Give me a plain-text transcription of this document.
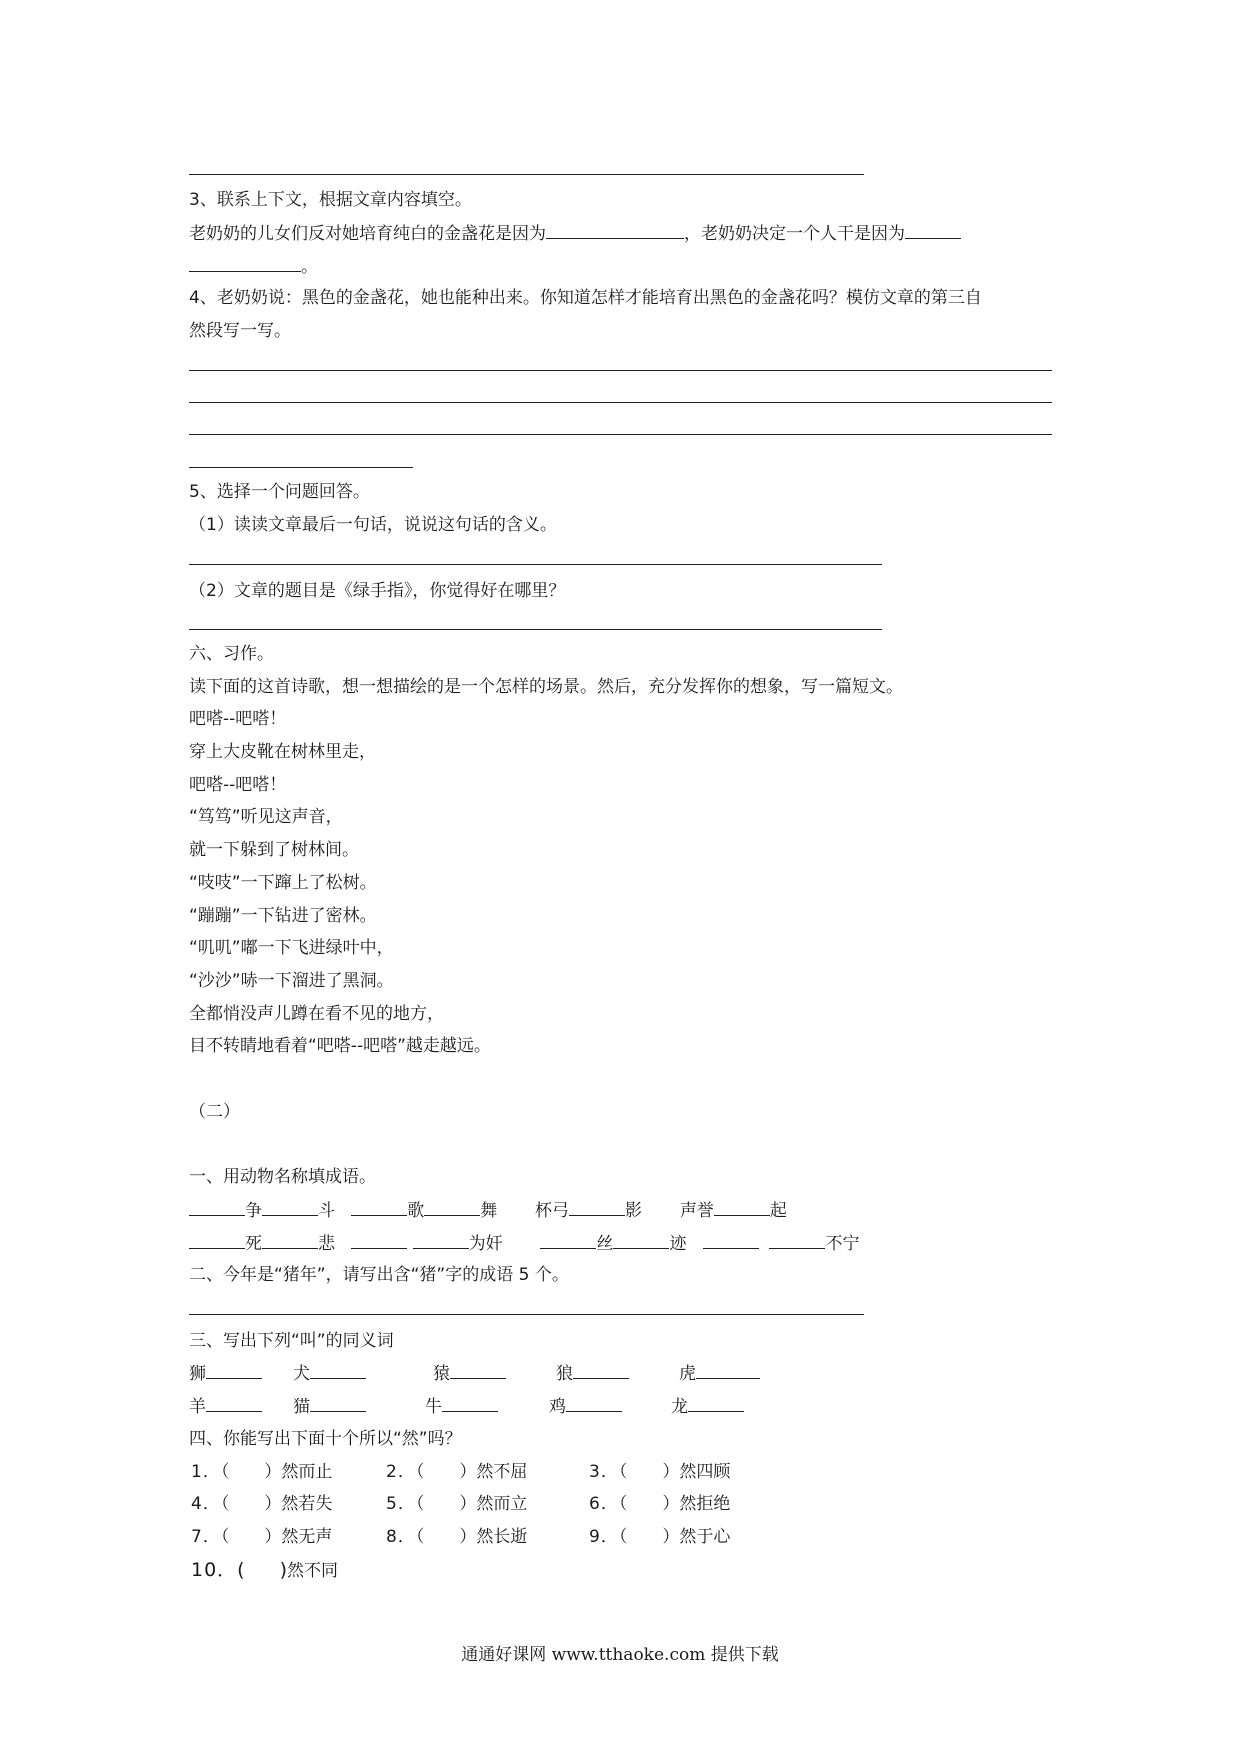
3、联系上下文，根据文章内容填空。
老奶奶的儿女们反对她培育纯白的金盏花是因为	，老奶奶决定一个人干是因为
。
4、老奶奶说：黑色的金盏花，她也能种出来。你知道怎样才能培育出黑色的金盏花吗？模仿文章的第三自
然段写一写。
5、选择一个问题回答。
（1）读读文章最后一句话，说说这句话的含义。
（2）文章的题目是《绿手指》，你觉得好在哪里？
六、习作。
读下面的这首诗歌，想一想描绘的是一个怎样的场景。然后，充分发挥你的想象，写一篇短文。
吧嗒--吧嗒！
穿上大皮靴在树林里走，
吧嗒--吧嗒！
“笃笃”听见这声音，
就一下躲到了树林间。
“吱吱”一下蹿上了松树。
“蹦蹦”一下钻进了密林。
“叽叽”嘟一下飞进绿叶中，
“沙沙”哧一下溜进了黑洞。
全都悄没声儿蹲在看不见的地方，
目不转睛地看着“吧嗒--吧嗒”越走越远。
（二）
一、用动物名称填成语。
争	斗	歌	舞 杯弓	影 声誉	起
死	悲	为奸	丝	迹	不宁
二、今年是“猪年”，请写出含“猪”字的成语 5 个。
三、写出下列“叫”的同义词
狮	犬	猿	狼	虎
羊	猫	牛	鸡	龙
四、你能写出下面十个所以“然”吗？
1．（ ）然而止	2．（ ）然不屈	3．（ ）然四顾
4．（ ）然若失	5．（ ）然而立	6．（ ）然拒绝
7．（ ）然无声	8．（ ）然长逝	9．（ ）然于心
10．( )然不同
通通好课网 www.tthaoke.com 提供下载
